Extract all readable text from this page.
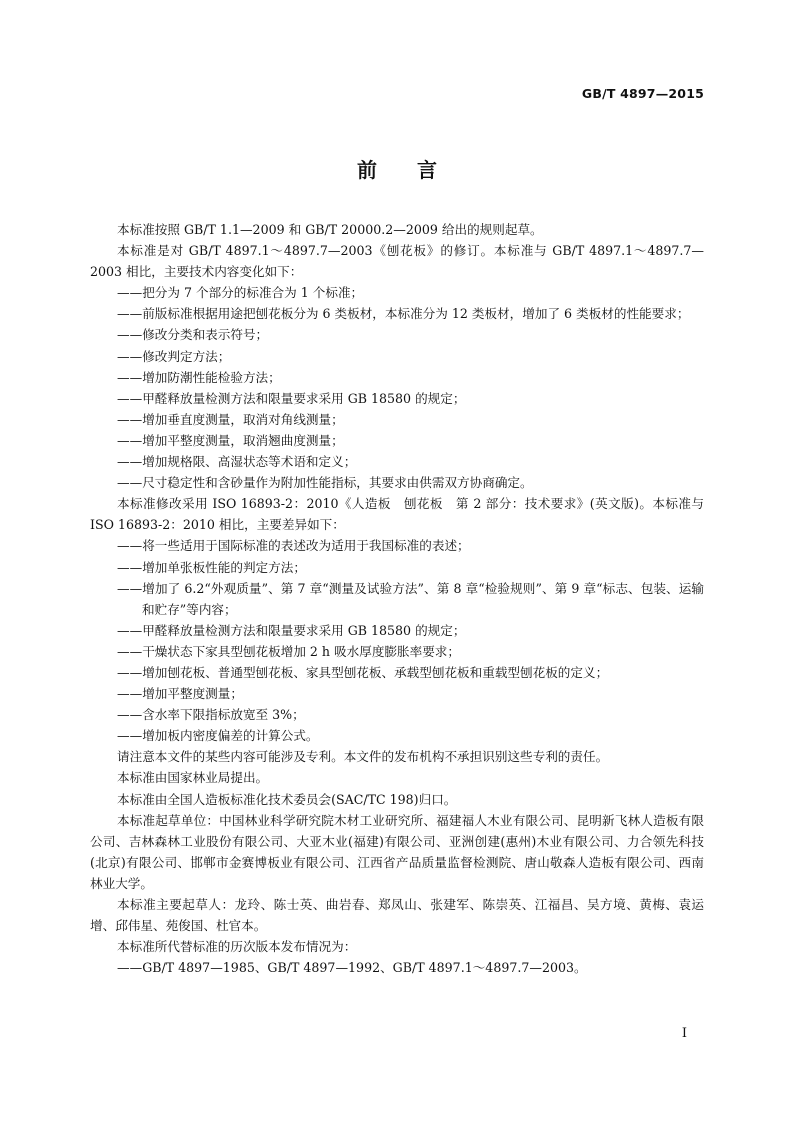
GB/T 4897—2015
前言

本标准按照 GB/T 1.1—2009 和 GB/T 20000.2—2009 给出的规则起草。

本标准是对 GB/T 4897.1～4897.7—2003《刨花板》的修订。本标准与 GB/T 4897.1～4897.7—2003 相比，主要技术内容变化如下：

——把分为 7 个部分的标准合为 1 个标准；

——前版标准根据用途把刨花板分为 6 类板材，本标准分为 12 类板材，增加了 6 类板材的性能要求；

——修改分类和表示符号；

——修改判定方法；

——增加防潮性能检验方法；

——甲醛释放量检测方法和限量要求采用 GB 18580 的规定；

——增加垂直度测量，取消对角线测量；

——增加平整度测量，取消翘曲度测量；

——增加规格限、高湿状态等术语和定义；

——尺寸稳定性和含砂量作为附加性能指标，其要求由供需双方协商确定。

本标准修改采用 ISO 16893-2：2010《人造板　刨花板　第 2 部分：技术要求》(英文版)。本标准与 ISO 16893-2：2010 相比，主要差异如下：

——将一些适用于国际标准的表述改为适用于我国标准的表述；

——增加单张板性能的判定方法；

——增加了 6.2“外观质量”、第 7 章“测量及试验方法”、第 8 章“检验规则”、第 9 章“标志、包装、运输和贮存”等内容；

——甲醛释放量检测方法和限量要求采用 GB 18580 的规定；

——干燥状态下家具型刨花板增加 2 h 吸水厚度膨胀率要求；

——增加刨花板、普通型刨花板、家具型刨花板、承载型刨花板和重载型刨花板的定义；

——增加平整度测量；

——含水率下限指标放宽至 3%；

——增加板内密度偏差的计算公式。

请注意本文件的某些内容可能涉及专利。本文件的发布机构不承担识别这些专利的责任。

本标准由国家林业局提出。

本标准由全国人造板标准化技术委员会(SAC/TC 198)归口。

本标准起草单位：中国林业科学研究院木材工业研究所、福建福人木业有限公司、昆明新飞林人造板有限公司、吉林森林工业股份有限公司、大亚木业(福建)有限公司、亚洲创建(惠州)木业有限公司、力合领先科技(北京)有限公司、邯郸市金赛博板业有限公司、江西省产品质量监督检测院、唐山敬森人造板有限公司、西南林业大学。

本标准主要起草人：龙玲、陈士英、曲岩春、郑凤山、张建军、陈崇英、江福昌、吴方境、黄梅、袁运增、邱伟星、苑俊国、杜官本。

本标准所代替标准的历次版本发布情况为：

——GB/T 4897—1985、GB/T 4897—1992、GB/T 4897.1～4897.7—2003。

I
